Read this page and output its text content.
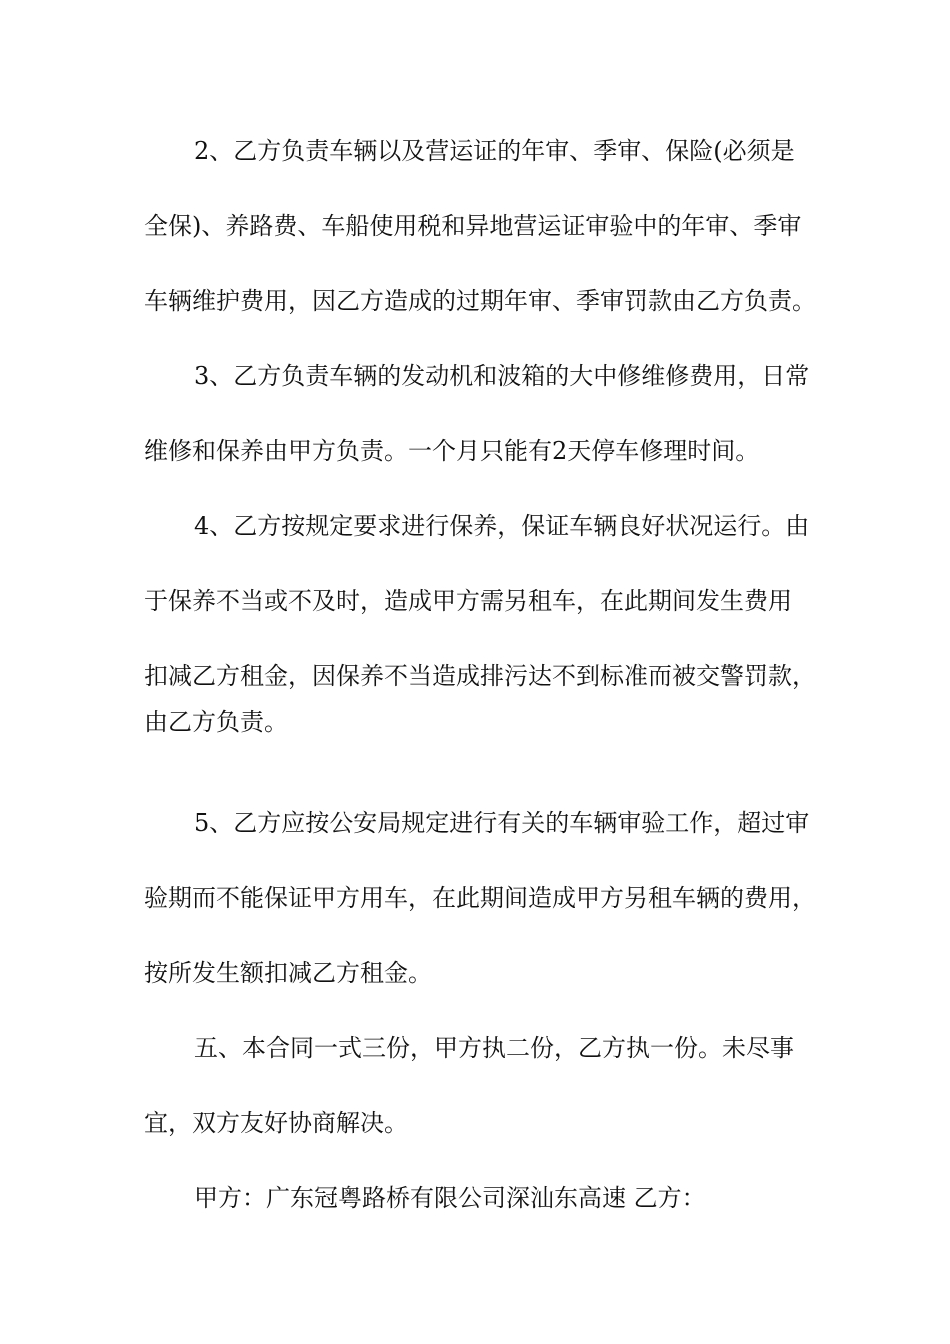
2、乙方负责车辆以及营运证的年审、季审、保险(必须是
全保)、养路费、车船使用税和异地营运证审验中的年审、季审
车辆维护费用，因乙方造成的过期年审、季审罚款由乙方负责。
3、乙方负责车辆的发动机和波箱的大中修维修费用，日常
维修和保养由甲方负责。一个月只能有2天停车修理时间。
4、乙方按规定要求进行保养，保证车辆良好状况运行。由
于保养不当或不及时，造成甲方需另租车，在此期间发生费用
扣减乙方租金，因保养不当造成排污达不到标准而被交警罚款，
由乙方负责。
5、乙方应按公安局规定进行有关的车辆审验工作，超过审
验期而不能保证甲方用车，在此期间造成甲方另租车辆的费用，
按所发生额扣减乙方租金。
五、本合同一式三份，甲方执二份，乙方执一份。未尽事
宜，双方友好协商解决。
甲方：广东冠粤路桥有限公司深汕东高速 乙方：
